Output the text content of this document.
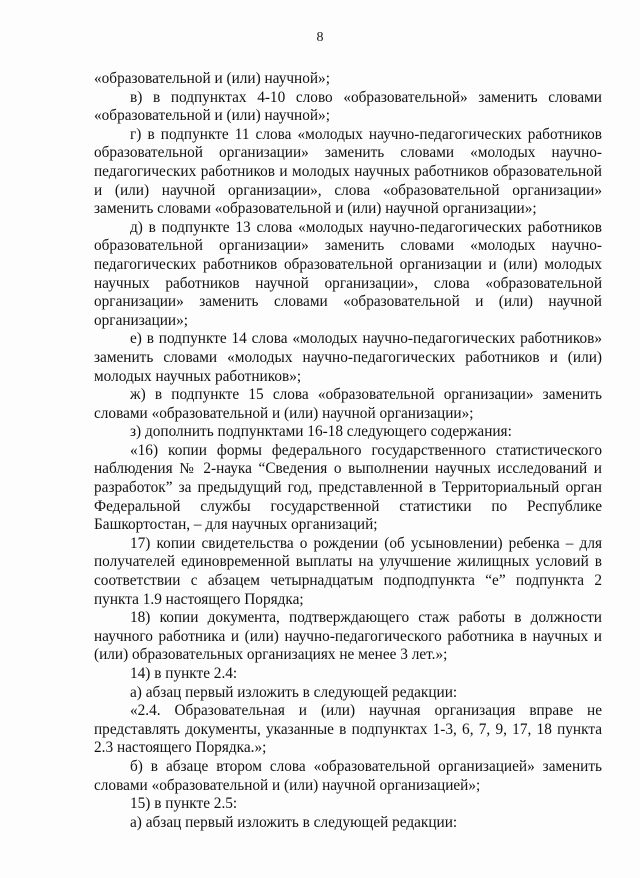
8

«образовательной и (или) научной»;

в) в подпунктах 4-10 слово «образовательной» заменить словами «образовательной и (или) научной»;

г) в подпункте 11 слова «молодых научно-педагогических работников образовательной организации» заменить словами «молодых научно-педагогических работников и молодых научных работников образовательной и (или) научной организации», слова «образовательной организации» заменить словами «образовательной и (или) научной организации»;

д) в подпункте 13 слова «молодых научно-педагогических работников образовательной организации» заменить словами «молодых научно-педагогических работников образовательной организации и (или) молодых научных работников научной организации», слова «образовательной организации» заменить словами «образовательной и (или) научной организации»;

е) в подпункте 14 слова «молодых научно-педагогических работников» заменить словами «молодых научно-педагогических работников и (или) молодых научных работников»;

ж) в подпункте 15 слова «образовательной организации» заменить словами «образовательной и (или) научной организации»;

з) дополнить подпунктами 16-18 следующего содержания:

«16) копии формы федерального государственного статистического наблюдения № 2-наука “Сведения о выполнении научных исследований и разработок” за предыдущий год, представленной в Территориальный орган Федеральной службы государственной статистики по Республике Башкортостан, – для научных организаций;

17) копии свидетельства о рождении (об усыновлении) ребенка – для получателей единовременной выплаты на улучшение жилищных условий в соответствии с абзацем четырнадцатым подподпункта “е” подпункта 2 пункта 1.9 настоящего Порядка;

18) копии документа, подтверждающего стаж работы в должности научного работника и (или) научно-педагогического работника в научных и (или) образовательных организациях не менее 3 лет.»;

14) в пункте 2.4:

а) абзац первый изложить в следующей редакции:

«2.4. Образовательная и (или) научная организация вправе не представлять документы, указанные в подпунктах 1-3, 6, 7, 9, 17, 18 пункта 2.3 настоящего Порядка.»;

б) в абзаце втором слова «образовательной организацией» заменить словами «образовательной и (или) научной организацией»;

15) в пункте 2.5:

а) абзац первый изложить в следующей редакции:
